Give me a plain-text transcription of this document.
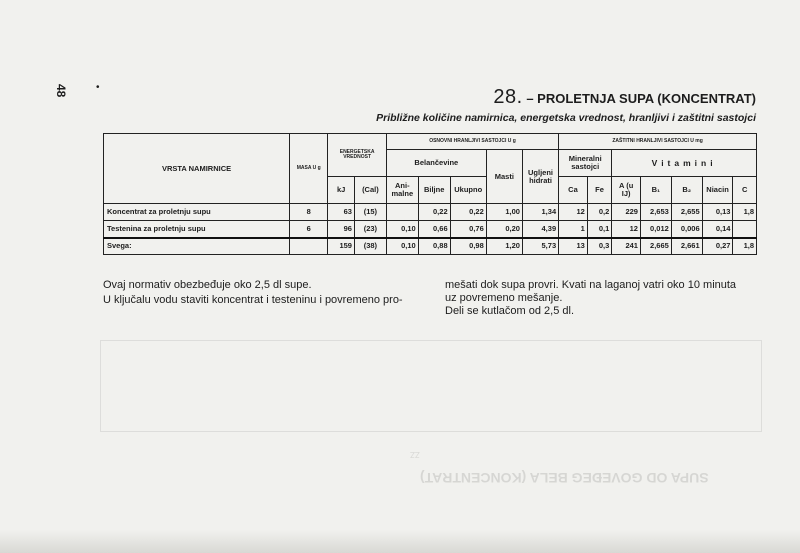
48	•	28. – PROLETNJA SUPA (KONCENTRAT)
Približne količine namirnica, energetska vrednost, hranljivi i zaštitni sastojci
VRSTA NAMIRNICE	MASA U g	ENERGETSKA VREDNOST		OSNOVNI HRANLJIVI SASTOJCI U g					ZAŠTITNI HRANLJIVI SASTOJCI U mg						
				Belančevine			Masti	Ugljeni hidrati	Mineralni sastojci		Vitamini				
		kJ	(Cal)	Ani-malne	Biljne	Ukupno			Ca	Fe	A (u IJ)	B₁	B₂	Niacin	C
Koncentrat za proletnju supu	8	63	(15)		0,22	0,22	1,00	1,34	12	0,2	229	2,653	2,655	0,13	1,8
Testenina za proletnju supu	6	96	(23)	0,10	0,66	0,76	0,20	4,39	1	0,1	12	0,012	0,006	0,14	
Svega:		159	(38)	0,10	0,88	0,98	1,20	5,73	13	0,3	241	2,665	2,661	0,27	1,8
Ovaj normativ obezbeđuje oko 2,5 dl supe.
U ključalu vodu staviti koncentrat i testeninu i povremeno pro-
mešati dok supa provri. Kvati na laganoj vatri oko 10 minuta
uz povremeno mešanje.
Deli se kutlačom od 2,5 dl.
ZZ
SUPA OD GOVEĐEG BELA (KONCENTRAT)
